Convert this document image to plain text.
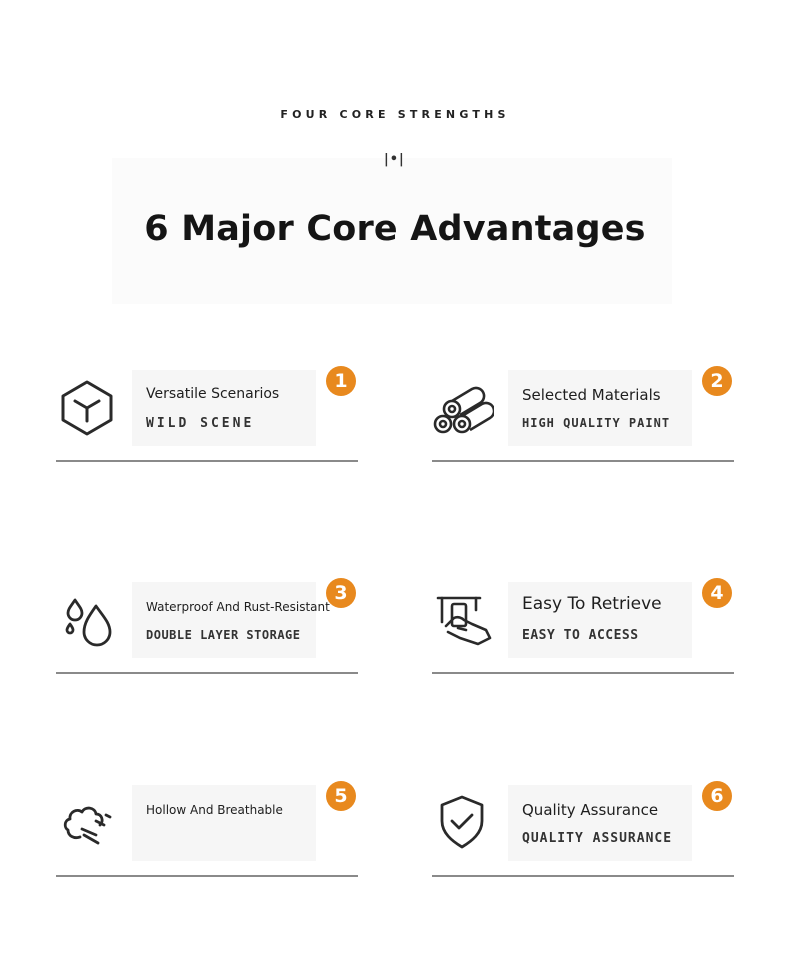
FOUR CORE STRENGTHS
|•|
6 Major Core Advantages
Versatile Scenarios
WILD SCENE
1
Selected Materials
HIGH QUALITY PAINT
2
Waterproof And Rust-Resistant
DOUBLE LAYER STORAGE
3	Easy To Retrieve
EASY TO ACCESS
4
Hollow And Breathable
5
Quality Assurance
QUALITY ASSURANCE
6
